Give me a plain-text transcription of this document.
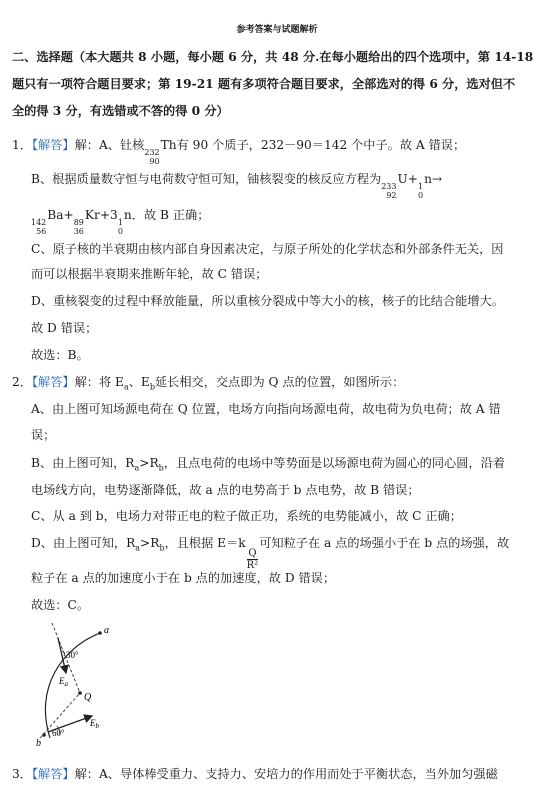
参考答案与试题解析
二、选择题（本大题共 8 小题，每小题 6 分，共 48 分.在每小题给出的四个选项中，第 14-18
题只有一项符合题目要求；第 19-21 题有多项符合题目要求，全部选对的得 6 分，选对但不
全的得 3 分，有选错或不答的得 0 分）
1．【解答】解：A、钍核
232
90
Th有 90 个质子，232－90＝142 个中子。故 A 错误；
B、根据质量数守恒与电荷数守恒可知，铀核裂变的核反应方程为
233
92
U+
1
0
n→
142
56
Ba+
89
36
Kr+3
1
0
n．故 B 正确；
C、原子核的半衰期由核内部自身因素决定，与原子所处的化学状态和外部条件无关，因
而可以根据半衰期来推断年轮，故 C 错误；
D、重核裂变的过程中释放能量，所以重核分裂成中等大小的核，核子的比结合能增大。
故 D 错误；
故选：B。
2．【解答】解：将 $E_a$、$E_b$延长相交，交点即为 Q 点的位置，如图所示：
A、由上图可知场源电荷在 Q 位置，电场方向指向场源电荷，故电荷为负电荷；故 A 错
误；
B、由上图可知，$R_a>R_b$，且点电荷的电场中等势面是以场源电荷为圆心的同心圆，沿着
电场线方向，电势逐渐降低，故 a 点的电势高于 b 点电势，故 B 错误；
C、从 a 到 b，电场力对带正电的粒子做正功，系统的电势能减小，故 C 正确；
D、由上图可知，$R_a>R_b$，且根据 E＝k
$\frac{Q}{\text{R²}}$
可知粒子在 a 点的场强小于在 b 点的场强，故
粒子在 a 点的加速度小于在 b 点的加速度，故 D 错误；
故选：C。
a
30°
$E_a$
Q
$E_b$
60°
b
3．【解答】解：A、导体棒受重力、支持力、安培力的作用而处于平衡状态，当外加匀强磁
